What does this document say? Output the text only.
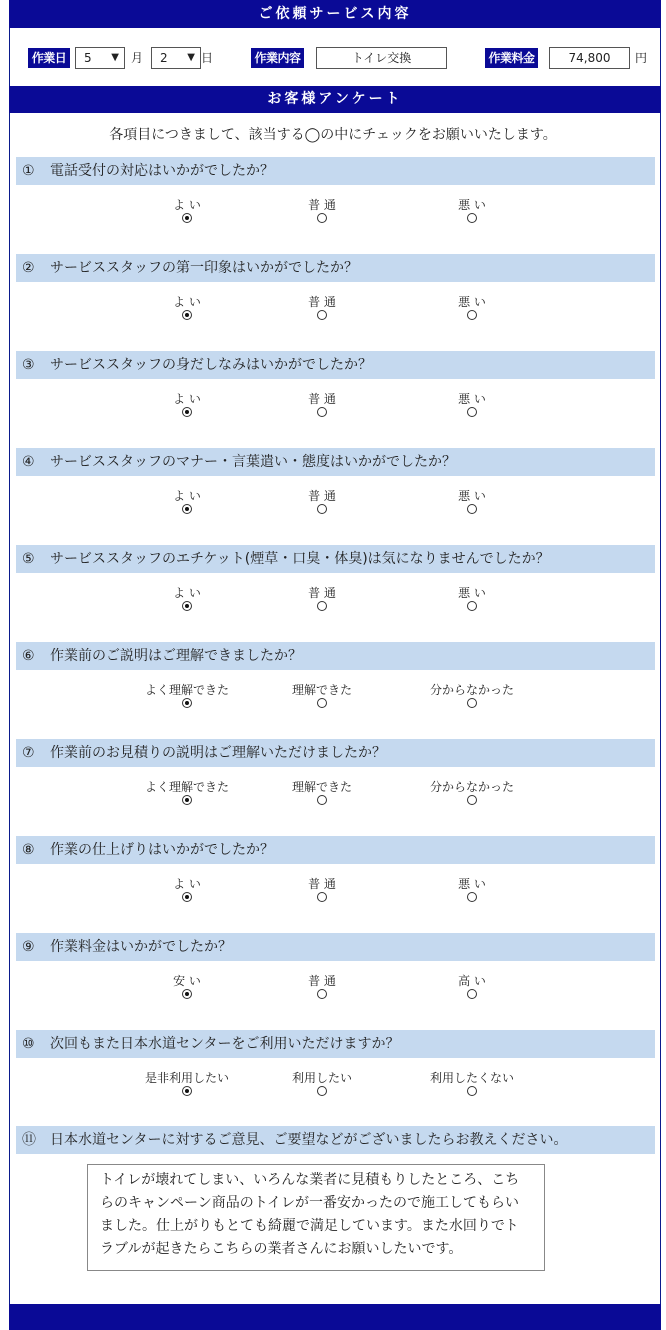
ご依頼サービス内容
作業日	5 ▼ 月 2 ▼ 日	作業内容	トイレ交換	作業料金	74,800	円
お客様アンケート
各項目につきまして、該当する◯の中にチェックをお願いいたします。
① 電話受付の対応はいかがでしたか？
よ い	普 通	悪 い
② サービススタッフの第一印象はいかがでしたか？
よ い	普 通	悪 い
③ サービススタッフの身だしなみはいかがでしたか？
よ い	普 通	悪 い
④ サービススタッフのマナー・言葉遣い・態度はいかがでしたか？
よ い	普 通	悪 い
⑤ サービススタッフのエチケット(煙草・口臭・体臭)は気になりませんでしたか？
よ い	普 通	悪 い
⑥ 作業前のご説明はご理解できましたか？
よく理解できた	理解できた	分からなかった
⑦ 作業前のお見積りの説明はご理解いただけましたか？
よく理解できた	理解できた	分からなかった
⑧ 作業の仕上げりはいかがでしたか？
よ い	普 通	悪 い
⑨ 作業料金はいかがでしたか？
安 い	普 通	高 い
⑩ 次回もまた日本水道センターをご利用いただけますか？
是非利用したい	利用したい	利用したくない
⑪ 日本水道センターに対するご意見、ご要望などがございましたらお教えください。
トイレが壊れてしまい、いろんな業者に見積もりしたところ、こちらのキャンペーン商品のトイレが一番安かったので施工してもらいました。仕上がりもとても綺麗で満足しています。また水回りでトラブルが起きたらこちらの業者さんにお願いしたいです。
